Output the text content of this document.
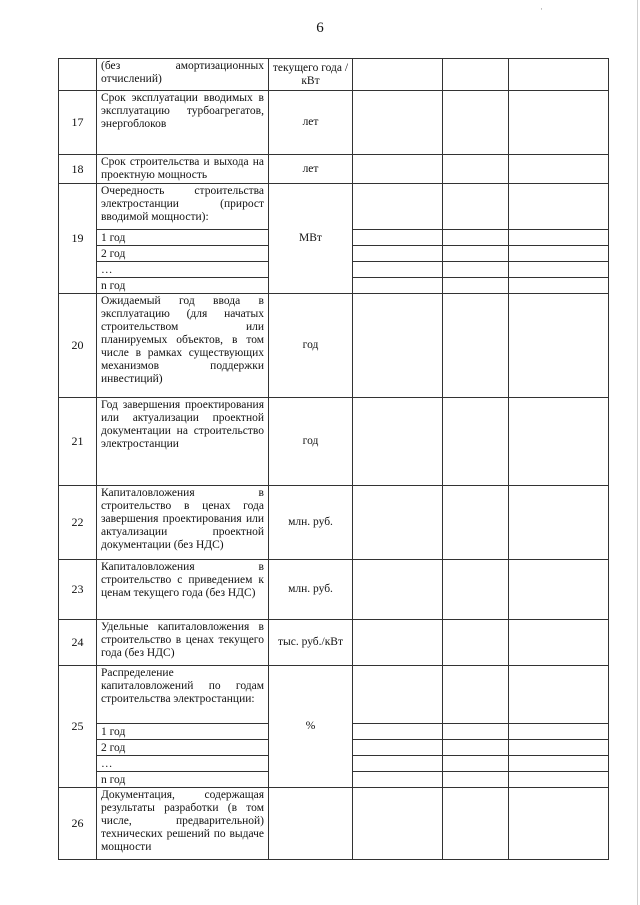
·
6
	(без амортизационных отчислений)	текущего года /кВт			
17	Срок эксплуатации вводимых в эксплуатацию турбоагрегатов, энергоблоков	лет			
18	Срок строительства и выхода на проектную мощность	лет			
19	Очередность строительства электростанции (прирост вводимой мощности):	МВт			
	1 год				
	2 год				
	…				
	n год				
20	Ожидаемый год ввода в эксплуатацию (для начатых строительством или планируемых объектов, в том числе в рамках существующих механизмов поддержки инвестиций)	год			
21	Год завершения проектирования или актуализации проектной документации на строительство электростанции	год			
22	Капиталовложения в строительство в ценах года завершения проектирования или актуализации проектной документации (без НДС)	млн. руб.			
23	Капиталовложения в строительство с приведением к ценам текущего года (без НДС)	млн. руб.			
24	Удельные капиталовложения в строительство в ценах текущего года (без НДС)	тыс. руб./кВт			
25	Распределение капиталовложений по годам строительства электростанции:	%			
	1 год				
	2 год				
	…				
	n год				
26	Документация, содержащая результаты разработки (в том числе, предварительной) технических решений по выдаче мощности				
